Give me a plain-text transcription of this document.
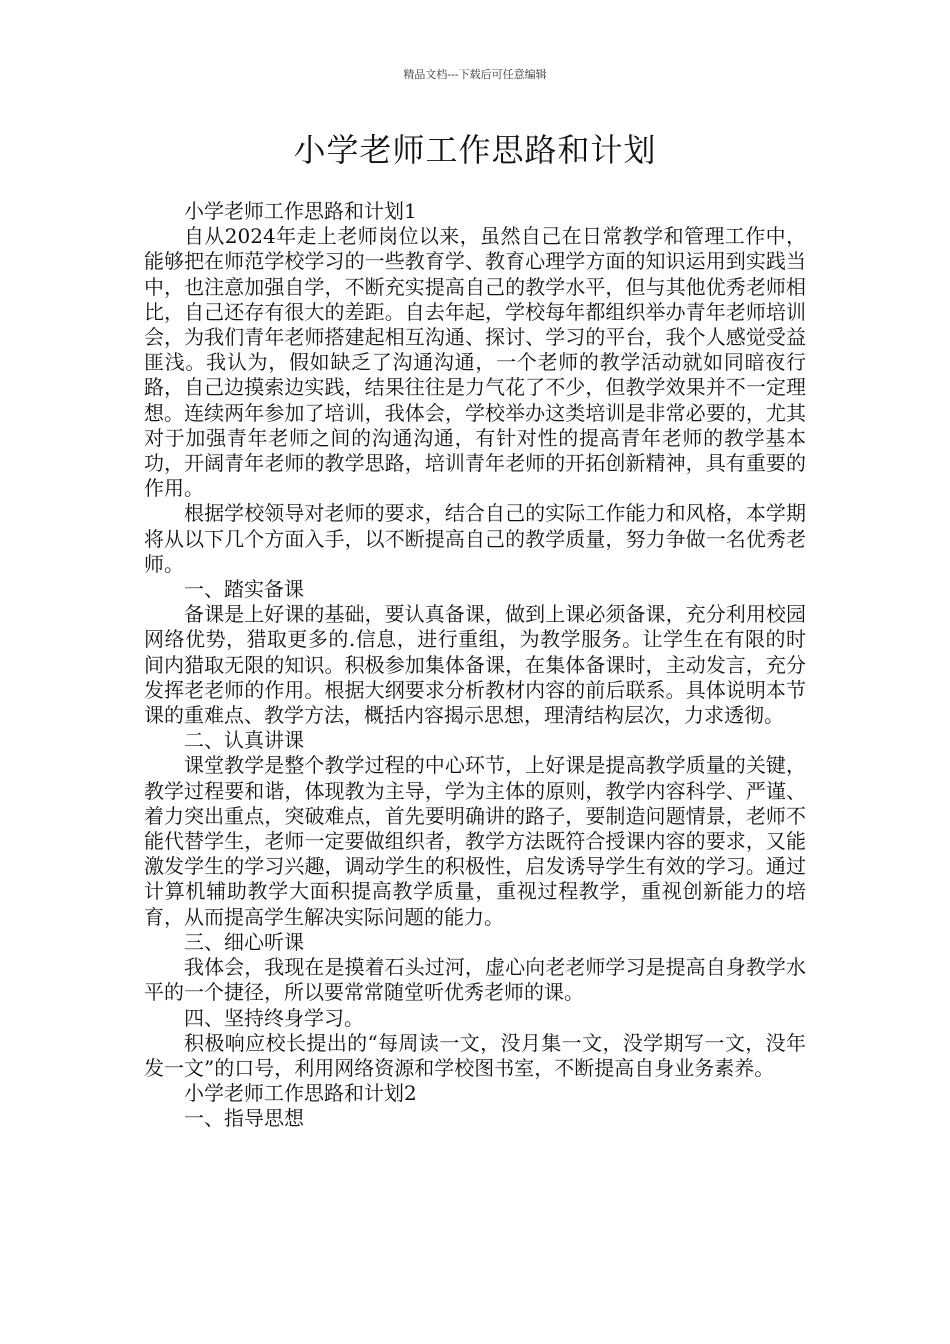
精品文档---下载后可任意编辑
小学老师工作思路和计划

小学老师工作思路和计划1

自从2024年走上老师岗位以来，虽然自己在日常教学和管理工作中，能够把在师范学校学习的一些教育学、教育心理学方面的知识运用到实践当中，也注意加强自学，不断充实提高自己的教学水平，但与其他优秀老师相比，自己还存有很大的差距。自去年起，学校每年都组织举办青年老师培训会，为我们青年老师搭建起相互沟通、探讨、学习的平台，我个人感觉受益匪浅。我认为，假如缺乏了沟通沟通，一个老师的教学活动就如同暗夜行路，自己边摸索边实践，结果往往是力气花了不少，但教学效果并不一定理想。连续两年参加了培训，我体会，学校举办这类培训是非常必要的，尤其对于加强青年老师之间的沟通沟通，有针对性的提高青年老师的教学基本功，开阔青年老师的教学思路，培训青年老师的开拓创新精神，具有重要的作用。

根据学校领导对老师的要求，结合自己的实际工作能力和风格，本学期将从以下几个方面入手，以不断提高自己的教学质量，努力争做一名优秀老师。

一、踏实备课

备课是上好课的基础，要认真备课，做到上课必须备课，充分利用校园网络优势，猎取更多的.信息，进行重组，为教学服务。让学生在有限的时间内猎取无限的知识。积极参加集体备课，在集体备课时，主动发言，充分发挥老老师的作用。根据大纲要求分析教材内容的前后联系。具体说明本节课的重难点、教学方法，概括内容揭示思想，理清结构层次，力求透彻。

二、认真讲课

课堂教学是整个教学过程的中心环节，上好课是提高教学质量的关键，教学过程要和谐，体现教为主导，学为主体的原则，教学内容科学、严谨、着力突出重点，突破难点，首先要明确讲的路子，要制造问题情景，老师不能代替学生，老师一定要做组织者，教学方法既符合授课内容的要求，又能激发学生的学习兴趣，调动学生的积极性，启发诱导学生有效的学习。通过计算机辅助教学大面积提高教学质量，重视过程教学，重视创新能力的培育，从而提高学生解决实际问题的能力。

三、细心听课

我体会，我现在是摸着石头过河，虚心向老老师学习是提高自身教学水平的一个捷径，所以要常常随堂听优秀老师的课。

四、坚持终身学习。

积极响应校长提出的“每周读一文，没月集一文，没学期写一文，没年发一文”的口号，利用网络资源和学校图书室，不断提高自身业务素养。

小学老师工作思路和计划2

一、指导思想
